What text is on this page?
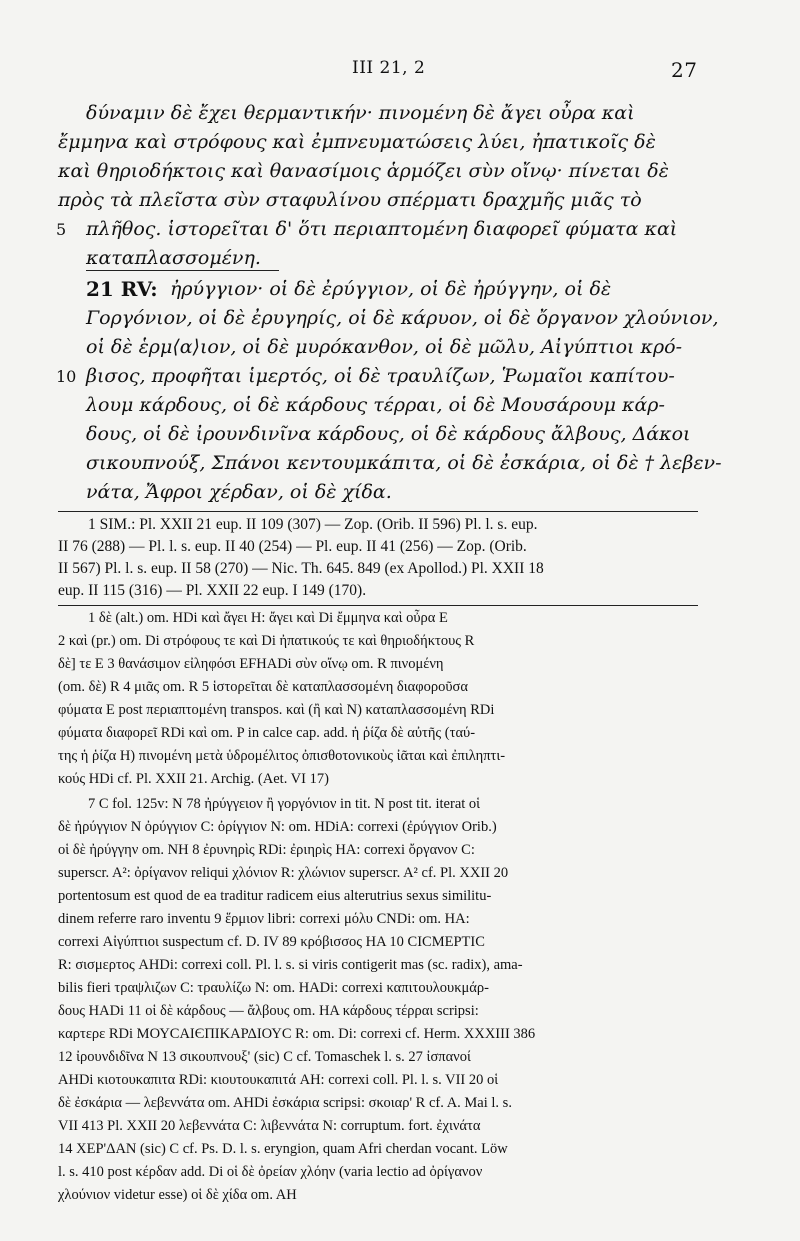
III 21, 2	27
δύναμιν δὲ ἔχει θερμαντικήν· πινομένη δὲ ἄγει οὖρα καὶ
ἔμμηνα καὶ στρόφους καὶ ἐμπνευματώσεις λύει, ἠπατικοῖς δὲ
καὶ θηριοδήκτοις καὶ θανασίμοις ἁρμόζει σὺν οἴνῳ· πίνεται δὲ
πρὸς τὰ πλεῖστα σὺν σταφυλίνου σπέρματι δραχμῆς μιᾶς τὸ
5 πλῆθος. ἱστορεῖται δ' ὅτι περιαπτομένη διαφορεῖ φύματα καὶ
καταπλασσομένη.
21 RV: ἠρύγγιον· οἱ δὲ ἐρύγγιον, οἱ δὲ ἠρύγγην, οἱ δὲ
Γοργόνιον, οἱ δὲ ἐρυγηρίς, οἱ δὲ κάρυον, οἱ δὲ ὄργανον χλούνιον,
οἱ δὲ ἑρμ⟨α⟩ιον, οἱ δὲ μυρόκανθον, οἱ δὲ μῶλυ, Αἰγύπτιοι κρό-
10 βισος, προφῆται ἱμερτός, οἱ δὲ τραυλίζων, Ῥωμαῖοι καπίτου-
λουμ κάρδους, οἱ δὲ κάρδους τέρραι, οἱ δὲ Μουσάρουμ κάρ-
δους, οἱ δὲ ἰρουνδινῖνα κάρδους, οἱ δὲ κάρδους ἄλβους, Δάκοι
σικουπνούξ, Σπάνοι κεντουμκάπιτα, οἱ δὲ ἐσκάρια, οἱ δὲ † λεβεν-
νάτα, Ἄφροι χέρδαν, οἱ δὲ χίδα.
1 SIM.: Pl. XXII 21 eup. II 109 (307) — Zop. (Orib. II 596) Pl. l. s. eup.
II 76 (288) — Pl. l. s. eup. II 40 (254) — Pl. eup. II 41 (256) — Zop. (Orib.
II 567) Pl. l. s. eup. II 58 (270) — Nic. Th. 645. 849 (ex Apollod.) Pl. XXII 18
eup. II 115 (316) — Pl. XXII 22 eup. I 149 (170).
1 δὲ (alt.) om. HDi καὶ ἄγει H: ἄγει καὶ Di ἔμμηνα καὶ οὖρα E
2 καὶ (pr.) om. Di στρόφους τε καὶ Di ἠπατικούς τε καὶ θηριοδήκτους R
δὲ] τε E 3 θανάσιμον εἰληφόσι EFHADi σὺν οἴνῳ om. R πινομένη
(om. δὲ) R 4 μιᾶς om. R 5 ἱστορεῖται δὲ καταπλασσομένη διαφοροῦσα
φύματα E post περιαπτομένη transpos. καὶ (ἢ καὶ N) καταπλασσομένη RDi
φύματα διαφορεῖ RDi καὶ om. P in calce cap. add. ἡ ῥίζα δὲ αὐτῆς (ταύ-
της ἡ ῥίζα H) πινομένη μετὰ ὑδρομέλιτος ὀπισθοτονικοὺς ἰᾶται καὶ ἐπιληπτι-
κούς HDi cf. Pl. XXII 21. Archig. (Aet. VI 17)
7 C fol. 125v: N 78 ἠρύγγειον ἢ γοργόνιον in tit. N post tit. iterat οἱ
δὲ ἠρύγγιον N ὀρύγγιον C: ὀρίγγιον N: om. HDiA: correxi (ἐρύγγιον Orib.)
οἱ δὲ ἠρύγγην om. NH 8 ἐρυνηρὶς RDi: ἐριηρὶς HA: correxi ὄργανον C:
superscr. A²: ὀρίγανον reliqui χλόνιον R: χλώνιον superscr. A² cf. Pl. XXII 20
portentosum est quod de ea traditur radicem eius alterutrius sexus similitu-
dinem referre raro inventu 9 ἕρμιον libri: correxi μόλυ CNDi: om. HA:
correxi Αἰγύπτιοι suspectum cf. D. IV 89 κρόβισσος HA 10 CICMEPTIC
R: σισμερτος AHDi: correxi coll. Pl. l. s. si viris contigerit mas (sc. radix), ama-
bilis fieri τραψλιζων C: τραυλίζω N: om. HADi: correxi καπιτουλουκμάρ-
δους HADi 11 οἱ δὲ κάρδους — ἄλβους om. HA κάρδους τέρραι scripsi:
καρτερε RDi ΜΟΥCAIЄΠΙΚΑΡΔΙΟΥC R: om. Di: correxi cf. Herm. XXXIII 386
12 ἰρουνδιδῖνα N 13 σικουπνουξ' (sic) C cf. Tomaschek l. s. 27 ἰσπανοί
AHDi κιοτουκαπιτα RDi: κιουτουκαπιτά AH: correxi coll. Pl. l. s. VII 20 οἱ
δὲ ἐσκάρια — λεβεννάτα om. AHDi ἐσκάρια scripsi: σκοιαρ' R cf. A. Mai l. s.
VII 413 Pl. XXII 20 λεβεννάτα C: λιβεννάτα N: corruptum. fort. ἐχινάτα
14 XEP'ΔAN (sic) C cf. Ps. D. l. s. eryngion, quam Afri cherdan vocant. Löw
l. s. 410 post κέρδαν add. Di οἱ δὲ ὀρείαν χλόην (varia lectio ad ὀρίγανον
χλούνιον videtur esse) οἱ δὲ χίδα om. AH
